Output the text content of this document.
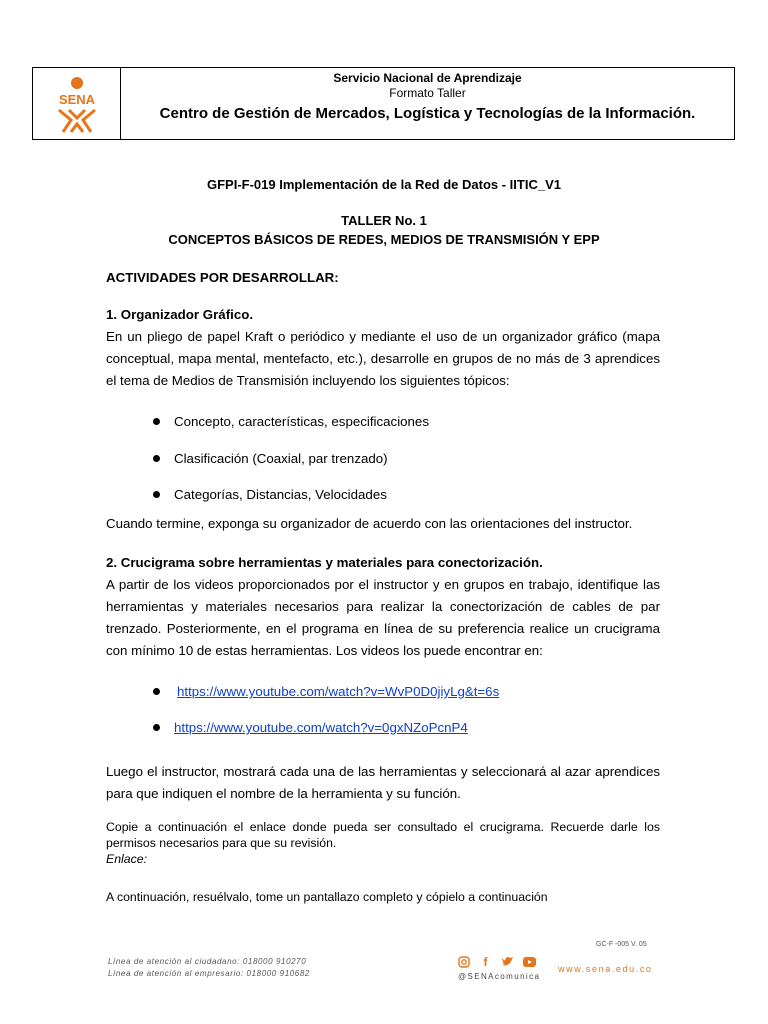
SENA
Servicio Nacional de Aprendizaje
Formato Taller
Centro de Gestión de Mercados, Logística y Tecnologías de la Información.
GFPI-F-019 Implementación de la Red de Datos - IITIC_V1
TALLER No. 1
CONCEPTOS BÁSICOS DE REDES, MEDIOS DE TRANSMISIÓN Y EPP
ACTIVIDADES POR DESARROLLAR:
1. Organizador Gráfico.
En un pliego de papel Kraft o periódico y mediante el uso de un organizador gráfico (mapa conceptual, mapa mental, mentefacto, etc.), desarrolle en grupos de no más de 3 aprendices el tema de Medios de Transmisión incluyendo los siguientes tópicos:
Concepto, características, especificaciones
Clasificación (Coaxial, par trenzado)
Categorías, Distancias, Velocidades
Cuando termine, exponga su organizador de acuerdo con las orientaciones del instructor.
2. Crucigrama sobre herramientas y materiales para conectorización.
A partir de los videos proporcionados por el instructor y en grupos en trabajo, identifique las herramientas y materiales necesarios para realizar la conectorización de cables de par trenzado. Posteriormente, en el programa en línea de su preferencia realice un crucigrama con mínimo 10 de estas herramientas. Los videos los puede encontrar en:
https://www.youtube.com/watch?v=WvP0D0jiyLg&t=6s
https://www.youtube.com/watch?v=0gxNZoPcnP4
Luego el instructor, mostrará cada una de las herramientas y seleccionará al azar aprendices para que indiquen el nombre de la herramienta y su función.
Copie a continuación el enlace donde pueda ser consultado el crucigrama. Recuerde darle los permisos necesarios para que su revisión.
Enlace:
A continuación, resuélvalo, tome un pantallazo completo y cópielo a continuación
GC-F -005 V. 05
Línea de atención al ciudadano: 018000 910270
Línea de atención al empresario: 018000 910682
f
@SENAcomunica
www.sena.edu.co
